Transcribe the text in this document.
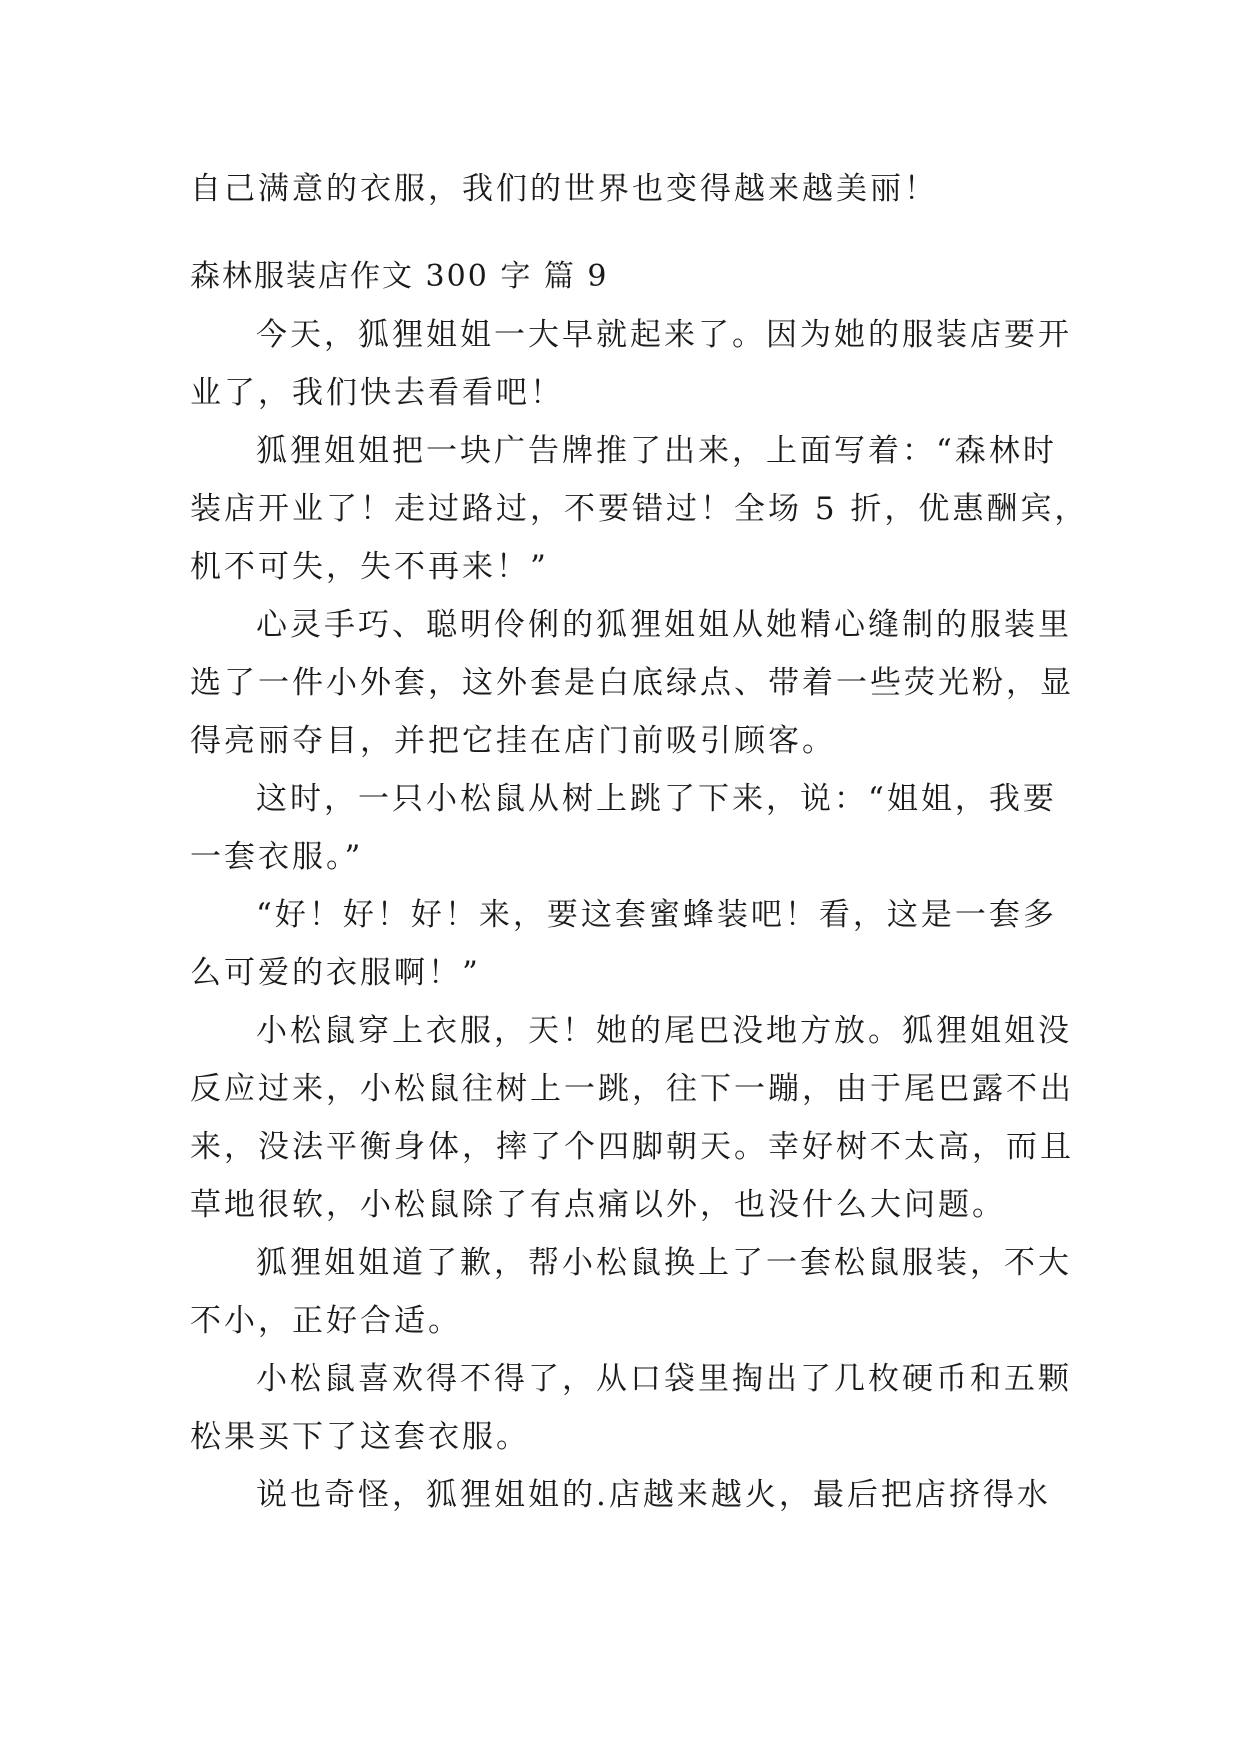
自己满意的衣服，我们的世界也变得越来越美丽！
森林服装店作文 300 字 篇 9
今天，狐狸姐姐一大早就起来了。因为她的服装店要开
业了，我们快去看看吧！
狐狸姐姐把一块广告牌推了出来，上面写着：“森林时
装店开业了！走过路过，不要错过！全场 5 折，优惠酬宾，
机不可失，失不再来！”
心灵手巧、聪明伶俐的狐狸姐姐从她精心缝制的服装里
选了一件小外套，这外套是白底绿点、带着一些荧光粉，显
得亮丽夺目，并把它挂在店门前吸引顾客。
这时，一只小松鼠从树上跳了下来，说：“姐姐，我要
一套衣服。”
“好！好！好！来，要这套蜜蜂装吧！看，这是一套多
么可爱的衣服啊！”
小松鼠穿上衣服，天！她的尾巴没地方放。狐狸姐姐没
反应过来，小松鼠往树上一跳，往下一蹦，由于尾巴露不出
来，没法平衡身体，摔了个四脚朝天。幸好树不太高，而且
草地很软，小松鼠除了有点痛以外，也没什么大问题。
狐狸姐姐道了歉，帮小松鼠换上了一套松鼠服装，不大
不小，正好合适。
小松鼠喜欢得不得了，从口袋里掏出了几枚硬币和五颗
松果买下了这套衣服。
说也奇怪，狐狸姐姐的.店越来越火，最后把店挤得水
